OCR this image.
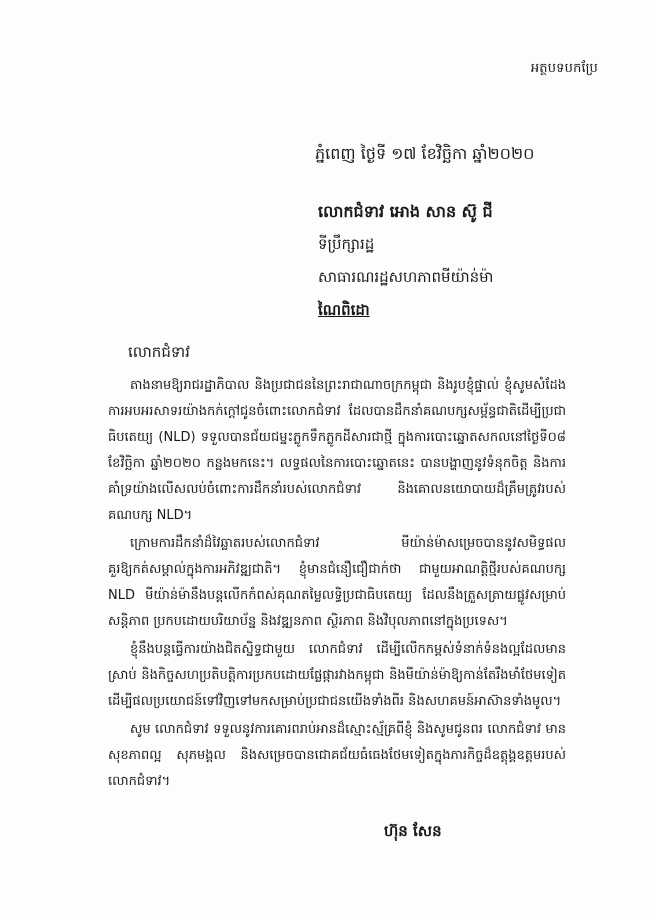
អត្ថបទបកប្រែ
ភ្នំពេញ ថ្ងៃទី ១៧ ខែវិច្ឆិកា ឆ្នាំ២០២០
លោកជំទាវ អោង សាន ស៊ូ ជី
ទីប្រឹក្សារដ្ឋ
សាធារណរដ្ឋសហភាពមីយ៉ាន់ម៉ា
ណៃពិដោ
លោកជំទាវ

តាងនាមឱ្យរាជរដ្ឋាភិបាល និងប្រជាជននៃព្រះរាជាណាចក្រកម្ពុជា និងរូបខ្ញុំផ្ទាល់ ខ្ញុំសូមសំដែងការអបអរសាទរយ៉ាងកក់ក្តៅជូនចំពោះលោកជំទាវ ដែលបានដឹកនាំគណបក្សសម្ព័ន្ធជាតិដើម្បីប្រជាធិបតេយ្យ (NLD) ទទួលបានជ័យជម្នះភ្លូកទឹកភ្លូកដីសារជាថ្មី ក្នុងការបោះឆ្នោតសកលនៅថ្ងៃទី០៨ ខែវិច្ឆិកា ឆ្នាំ២០២០ កន្លងមកនេះ។ លទ្ធផលនៃការបោះឆ្នោតនេះ បានបង្ហាញនូវទំនុកចិត្ត និងការគាំទ្រយ៉ាងលើសលប់ចំពោះការដឹកនាំរបស់លោកជំទាវ និងគោលនយោបាយដ៏ត្រឹមត្រូវរបស់គណបក្ស NLD។

ក្រោមការដឹកនាំដ៏វៃឆ្លាតរបស់លោកជំទាវ មីយ៉ាន់ម៉ាសម្រេចបាននូវសមិទ្ធផលគួរឱ្យកត់សម្គាល់ក្នុងការអភិវឌ្ឍជាតិ។ ខ្ញុំមានជំនឿជឿជាក់ថា ជាមួយអាណត្តិថ្មីរបស់គណបក្ស NLD មីយ៉ាន់ម៉ានឹងបន្តលើកកំពស់គុណតម្លៃលទ្ធិប្រជាធិបតេយ្យ ដែលនឹងត្រួសត្រាយផ្លូវសម្រាប់សន្តិភាព ប្រកបដោយបរិយាប័ន្ន និងវឌ្ឍនភាព ស្ថិរភាព និងវិបុលភាពនៅក្នុងប្រទេស។

ខ្ញុំនឹងបន្តធ្វើការយ៉ាងជិតស្និទ្ធជាមួយ លោកជំទាវ ដើម្បីលើកកម្ពស់ទំនាក់ទំនងល្អដែលមានស្រាប់ និងកិច្ចសហប្រតិបត្តិការប្រកបដោយផ្លែផ្ការវាងកម្ពុជា និងមីយ៉ាន់ម៉ាឱ្យកាន់តែរឹងមាំថែមទៀត ដើម្បីផលប្រយោជន៍ទៅវិញទៅមកសម្រាប់ប្រជាជនយើងទាំងពីរ និងសហគមន៍អាស៊ានទាំងមូល។

សូម លោកជំទាវ ទទួលនូវការគោរពរាប់អានដ៏ស្មោះស្ម័គ្រពីខ្ញុំ និងសូមជូនពរ លោកជំទាវ មានសុខភាពល្អ សុភមង្គល និងសម្រេចបានជោគជ័យធំធេងថែមទៀតក្នុងភារកិច្ចដ៏ឧត្តុង្គឧត្តមរបស់លោកជំទាវ។

ហ៊ុន សែន
